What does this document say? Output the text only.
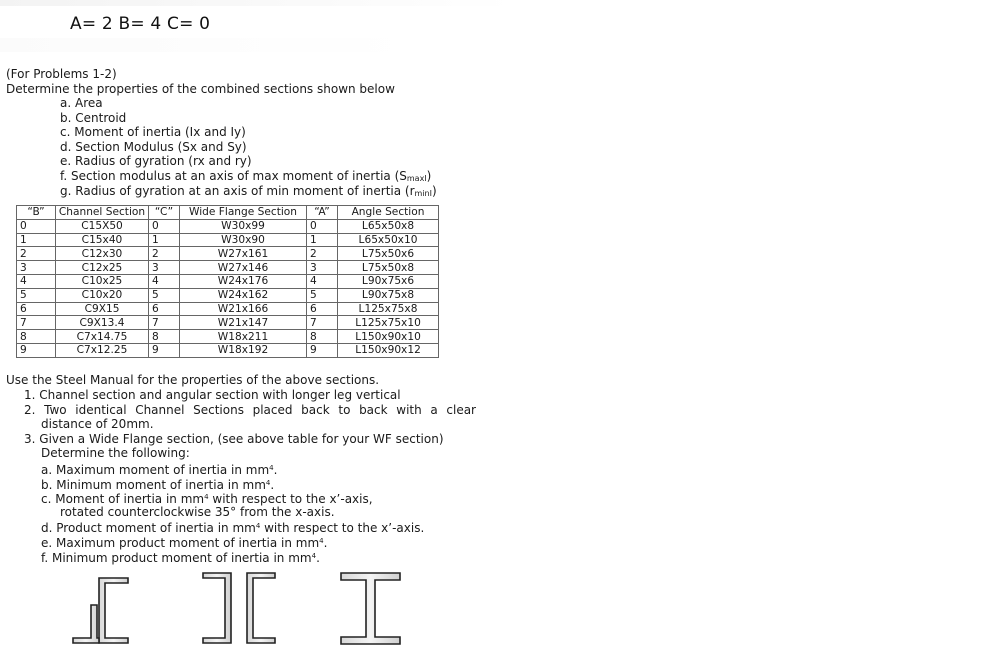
A= 2 B= 4 C= 0
(For Problems 1-2)
Determine the properties of the combined sections shown below
a. Area
b. Centroid
c. Moment of inertia (Ix and Iy)
d. Section Modulus (Sx and Sy)
e. Radius of gyration (rx and ry)
f. Section modulus at an axis of max moment of inertia $(S_{maxI})$
g. Radius of gyration at an axis of min moment of inertia $(r_{minI})$
“B”	Channel Section	“C”	Wide Flange Section	“A”	Angle Section
0	C15X50	0	W30x99	0	L65x50x8
1	C15x40	1	W30x90	1	L65x50x10
2	C12x30	2	W27x161	2	L75x50x6
3	C12x25	3	W27x146	3	L75x50x8
4	C10x25	4	W24x176	4	L90x75x6
5	C10x20	5	W24x162	5	L90x75x8
6	C9X15	6	W21x166	6	L125x75x8
7	C9X13.4	7	W21x147	7	L125x75x10
8	C7x14.75	8	W18x211	8	L150x90x10
9	C7x12.25	9	W18x192	9	L150x90x12
Use the Steel Manual for the properties of the above sections.
1. Channel section and angular section with longer leg vertical
2. Two identical Channel Sections placed back to back with a clear
distance of 20mm.
3. Given a Wide Flange section, (see above table for your WF section)
Determine the following:
a. Maximum moment of inertia in $mm^4$.
b. Minimum moment of inertia in $mm^4$.
c. Moment of inertia in $mm^4$ with respect to the x’-axis,
rotated counterclockwise 35° from the x-axis.
d. Product moment of inertia in $mm^4$ with respect to the x’-axis.
e. Maximum product moment of inertia in $mm^4$.
f. Minimum product moment of inertia in $mm^4$.
